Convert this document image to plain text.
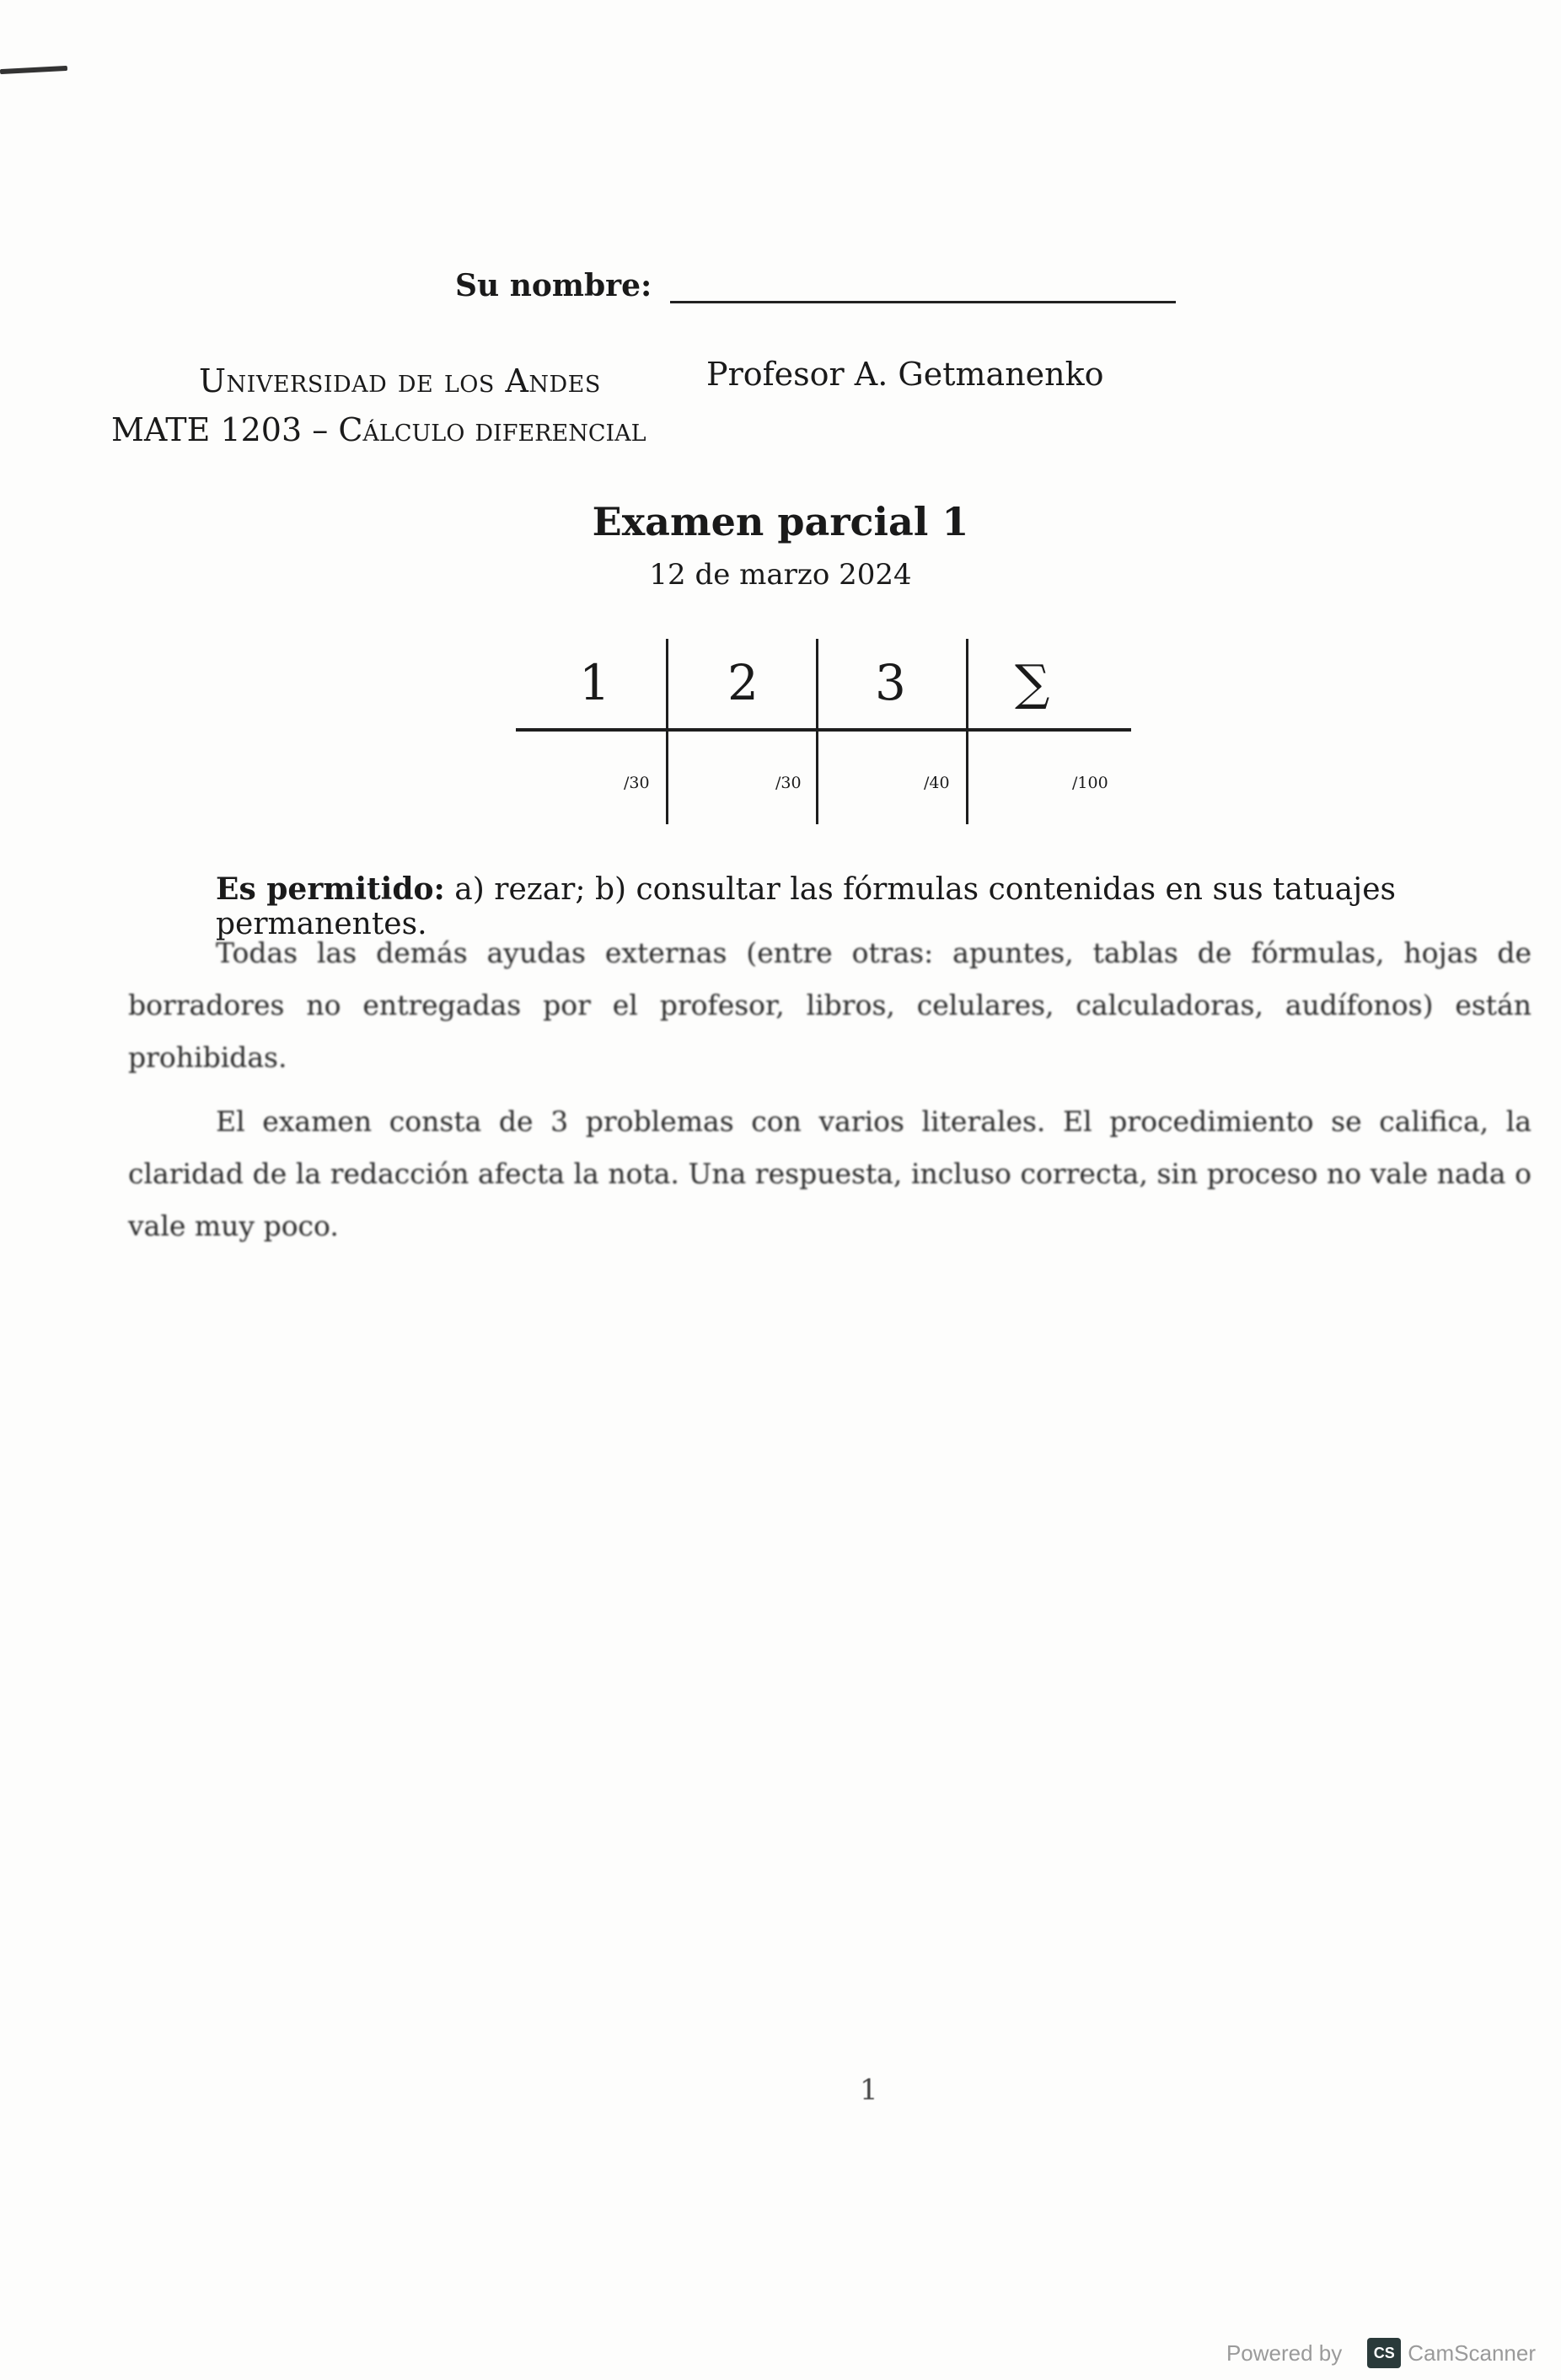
Su nombre:
Universidad de los Andes	Profesor A. Getmanenko
MATE 1203 – Cálculo diferencial
Examen parcial 1
12 de marzo 2024
1
/30
2
/30
3
/40
∑
/100
Es permitido: a) rezar; b) consultar las fórmulas contenidas en sus tatuajes permanentes.
Todas las demás ayudas externas (entre otras: apuntes, tablas de fórmulas, hojas de borradores no entregadas por el profesor, libros, celulares, calculadoras, audífonos) están prohibidas.
El examen consta de 3 problemas con varios literales. El procedimiento se califica, la claridad de la redacción afecta la nota. Una respuesta, incluso correcta, sin proceso no vale nada o vale muy poco.
1
Powered by	CS CamScanner
